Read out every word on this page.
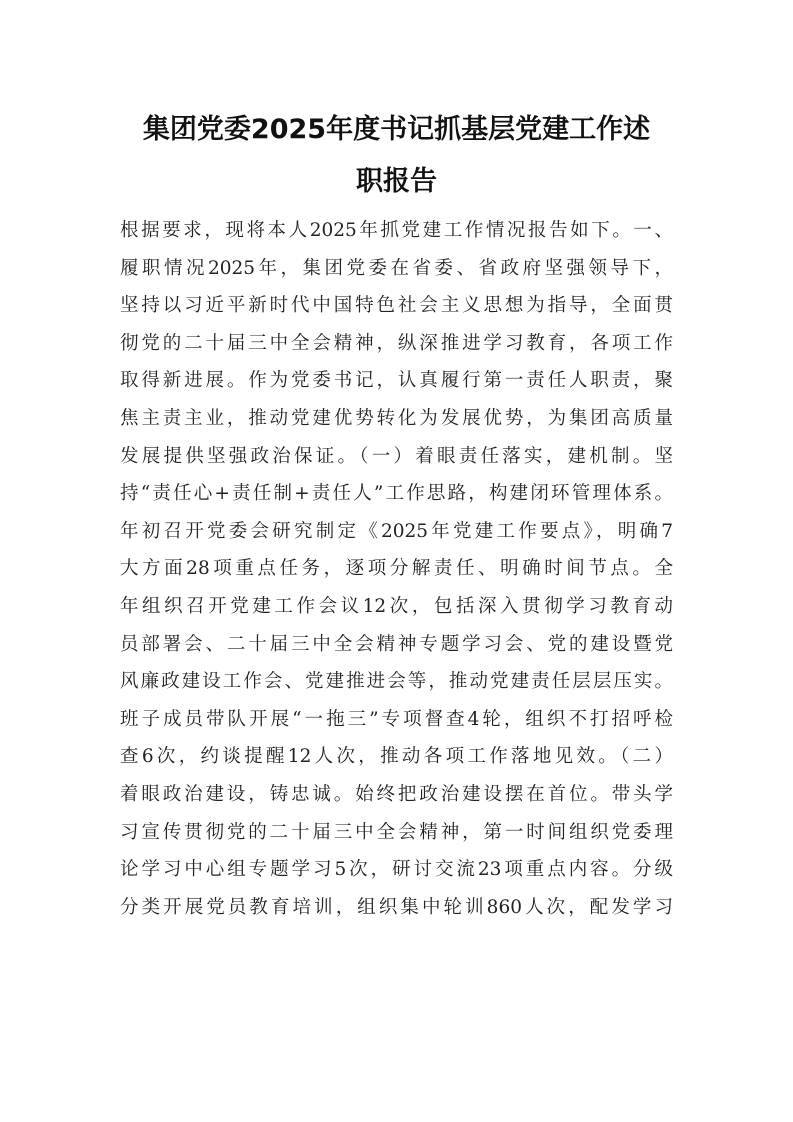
集团党委2025年度书记抓基层党建工作述
职报告
根据要求，现将本人2025年抓党建工作情况报告如下。一、
履职情况2025年，集团党委在省委、省政府坚强领导下，
坚持以习近平新时代中国特色社会主义思想为指导，全面贯
彻党的二十届三中全会精神，纵深推进学习教育，各项工作
取得新进展。作为党委书记，认真履行第一责任人职责，聚
焦主责主业，推动党建优势转化为发展优势，为集团高质量
发展提供坚强政治保证。（一）着眼责任落实，建机制。坚
持“责任心+责任制+责任人”工作思路，构建闭环管理体系。
年初召开党委会研究制定《2025年党建工作要点》，明确7
大方面28项重点任务，逐项分解责任、明确时间节点。全
年组织召开党建工作会议12次，包括深入贯彻学习教育动
员部署会、二十届三中全会精神专题学习会、党的建设暨党
风廉政建设工作会、党建推进会等，推动党建责任层层压实。
班子成员带队开展“一拖三”专项督查4轮，组织不打招呼检
查6次，约谈提醒12人次，推动各项工作落地见效。（二）
着眼政治建设，铸忠诚。始终把政治建设摆在首位。带头学
习宣传贯彻党的二十届三中全会精神，第一时间组织党委理
论学习中心组专题学习5次，研讨交流23项重点内容。分级
分类开展党员教育培训，组织集中轮训860人次，配发学习
